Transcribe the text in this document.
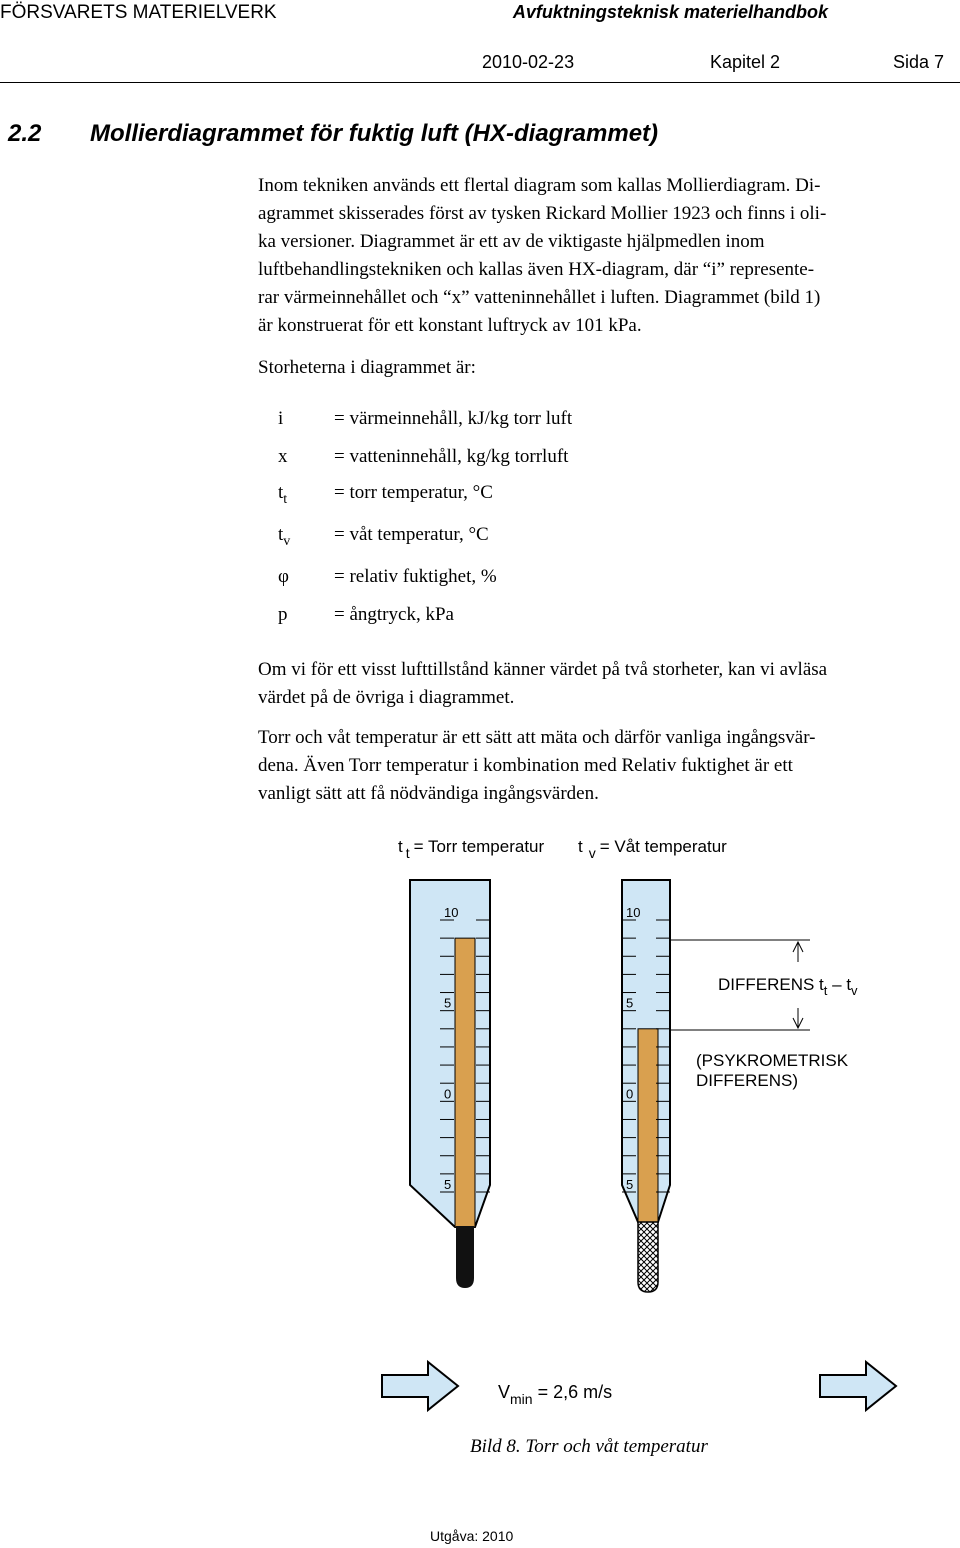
FÖRSVARETS MATERIELVERK	Avfuktningsteknisk materielhandbok
2010-02-23	Kapitel 2	Sida 7
2.2 Mollierdiagrammet för fuktig luft (HX-diagrammet)
Inom tekniken används ett flertal diagram som kallas Mollierdiagram. Di-
agrammet skisserades först av tysken Rickard Mollier 1923 och finns i oli-
ka versioner. Diagrammet är ett av de viktigaste hjälpmedlen inom
luftbehandlingstekniken och kallas även HX-diagram, där “i” represente-
rar värmeinnehållet och “x” vatteninnehållet i luften. Diagrammet (bild 1)
är konstruerat för ett konstant luftryck av 101 kPa.
Storheterna i diagrammet är:
i	= värmeinnehåll, kJ/kg torr luft
x = vatteninnehåll, kg/kg torrluft
$t_t$ = torr temperatur, °C
$t_v$ = våt temperatur, °C
φ = relativ fuktighet, %
p = ångtryck, kPa
Om vi för ett visst lufttillstånd känner värdet på två storheter, kan vi avläsa
värdet på de övriga i diagrammet.
Torr och våt temperatur är ett sätt att mäta och därför vanliga ingångsvär-
dena. Även Torr temperatur i kombination med Relativ fuktighet är ett
vanligt sätt att få nödvändiga ingångsvärden.
t $_t$ = Torr temperatur t $_v$ = Våt temperatur
10
5
0
5
10
5
0
5
DIFFERENS $t_t - t_v$
(PSYKROMETRISK
DIFFERENS)
$V_{min} = 2,6$ m/s
Bild 8. Torr och våt temperatur
Utgåva: 2010
